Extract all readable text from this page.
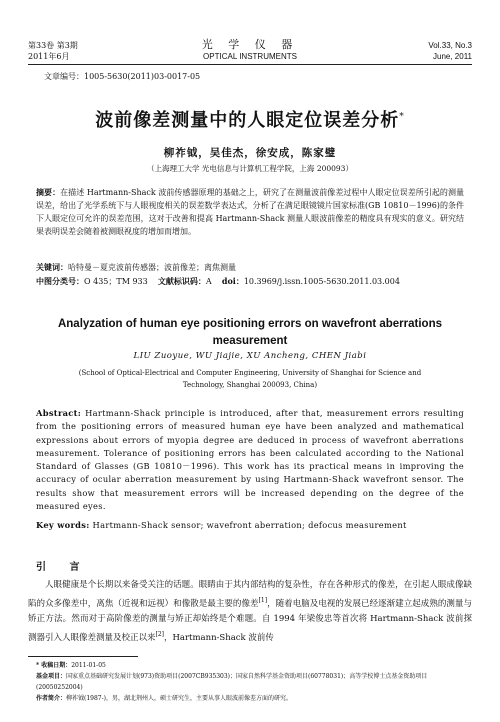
第33卷 第3期
2011年6月
光 学 仪 器
OPTICAL INSTRUMENTS
Vol.33, No.3
June, 2011
文章编号：1005-5630(2011)03-0017-05
波前像差测量中的人眼定位误差分析*
柳祚钺，吴佳杰，徐安成，陈家璧
（上海理工大学 光电信息与计算机工程学院，上海 200093）
摘要：在描述 Hartmann-Shack 波前传感器原理的基础之上，研究了在测量波前像差过程中人眼定位误差所引起的测量误差，给出了光学系统下与人眼视度相关的误差数学表达式，分析了在满足眼镜镜片国家标准(GB 10810－1996)的条件下人眼定位可允许的误差范围，这对于改善和提高 Hartmann-Shack 测量人眼波前像差的精度具有现实的意义。研究结果表明误差会随着被测眼视度的增加而增加。
关键词：哈特曼－夏克波前传感器；波前像差；离焦测量
中图分类号：O 435；TM 933 文献标识码：A doi：10.3969/j.issn.1005-5630.2011.03.004
Analyzation of human eye positioning errors on wavefront aberrations measurement
LIU Zuoyue, WU Jiajie, XU Ancheng, CHEN Jiabi
(School of Optical-Electrical and Computer Engineering, University of Shanghai for Science and Technology, Shanghai 200093, China)
Abstract: Hartmann-Shack principle is introduced, after that, measurement errors resulting from the positioning errors of measured human eye have been analyzed and mathematical expressions about errors of myopia degree are deduced in process of wavefront aberrations measurement. Tolerance of positioning errors has been calculated according to the National Standard of Glasses (GB 10810－1996). This work has its practical means in improving the accuracy of ocular aberration measurement by using Hartmann-Shack wavefront sensor. The results show that measurement errors will be increased depending on the degree of the measured eyes.
Key words: Hartmann-Shack sensor; wavefront aberration; defocus measurement
引 言

人眼健康是个长期以来备受关注的话题。眼睛由于其内部结构的复杂性，存在各种形式的像差，在引起人眼成像缺陷的众多像差中，离焦（近视和远视）和像散是最主要的像差[1]，随着电脑及电视的发展已经逐渐建立起成熟的测量与矫正方法。然而对于高阶像差的测量与矫正却始终是个难题。自 1994 年梁俊忠等首次将 Hartmann-Shack 波前探测器引入人眼像差测量及校正以来[2]，Hartmann-Shack 波前传

* 收稿日期：2011-01-05
基金项目：国家重点基础研究发展计划(973)资助项目(2007CB935303)；国家自然科学基金资助项目(60778031)；高等学校博士点基金资助项目(20050252004)
作者简介：柳祚钺(1987-)，男，湖北荆州人，硕士研究生，主要从事人眼波前像差方面的研究。
